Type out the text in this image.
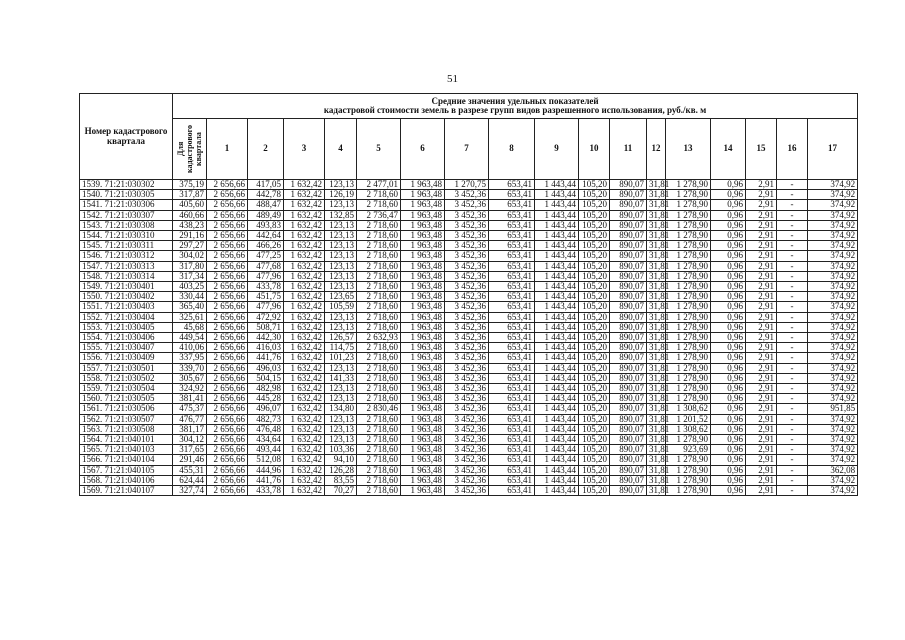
51
Номер кадастрового квартала	Средние значения удельных показателей
кадастровой стоимости земель в разрезе групп видов разрешенного использования, руб./кв. м																	

	Для кадастрового квартала	1	2	3	4	5	6	7	8	9	10	11	12	13	14	15	16	17
1539. 71:21:030302	375,19	2 656,66	417,05	1 632,42	123,13	2 477,01	1 963,48	1 270,75	653,41	1 443,44	105,20	890,07	31,81	1 278,90	0,96	2,91	-	374,92
1540. 71:21:030305	317,87	2 656,66	442,78	1 632,42	126,19	2 718,60	1 963,48	3 452,36	653,41	1 443,44	105,20	890,07	31,81	1 278,90	0,96	2,91	-	374,92
1541. 71:21:030306	405,60	2 656,66	488,47	1 632,42	123,13	2 718,60	1 963,48	3 452,36	653,41	1 443,44	105,20	890,07	31,81	1 278,90	0,96	2,91	-	374,92
1542. 71:21:030307	460,66	2 656,66	489,49	1 632,42	132,85	2 736,47	1 963,48	3 452,36	653,41	1 443,44	105,20	890,07	31,81	1 278,90	0,96	2,91	-	374,92
1543. 71:21:030308	438,23	2 656,66	493,83	1 632,42	123,13	2 718,60	1 963,48	3 452,36	653,41	1 443,44	105,20	890,07	31,81	1 278,90	0,96	2,91	-	374,92
1544. 71:21:030310	291,16	2 656,66	442,64	1 632,42	123,13	2 718,60	1 963,48	3 452,36	653,41	1 443,44	105,20	890,07	31,81	1 278,90	0,96	2,91	-	374,92
1545. 71:21:030311	297,27	2 656,66	466,26	1 632,42	123,13	2 718,60	1 963,48	3 452,36	653,41	1 443,44	105,20	890,07	31,81	1 278,90	0,96	2,91	-	374,92
1546. 71:21:030312	304,02	2 656,66	477,25	1 632,42	123,13	2 718,60	1 963,48	3 452,36	653,41	1 443,44	105,20	890,07	31,81	1 278,90	0,96	2,91	-	374,92
1547. 71:21:030313	317,80	2 656,66	477,68	1 632,42	123,13	2 718,60	1 963,48	3 452,36	653,41	1 443,44	105,20	890,07	31,81	1 278,90	0,96	2,91	-	374,92
1548. 71:21:030314	317,34	2 656,66	477,96	1 632,42	123,13	2 718,60	1 963,48	3 452,36	653,41	1 443,44	105,20	890,07	31,81	1 278,90	0,96	2,91	-	374,92
1549. 71:21:030401	403,25	2 656,66	433,78	1 632,42	123,13	2 718,60	1 963,48	3 452,36	653,41	1 443,44	105,20	890,07	31,81	1 278,90	0,96	2,91	-	374,92
1550. 71:21:030402	330,44	2 656,66	451,75	1 632,42	123,65	2 718,60	1 963,48	3 452,36	653,41	1 443,44	105,20	890,07	31,81	1 278,90	0,96	2,91	-	374,92
1551. 71:21:030403	365,40	2 656,66	477,96	1 632,42	105,59	2 718,60	1 963,48	3 452,36	653,41	1 443,44	105,20	890,07	31,81	1 278,90	0,96	2,91	-	374,92
1552. 71:21:030404	325,61	2 656,66	472,92	1 632,42	123,13	2 718,60	1 963,48	3 452,36	653,41	1 443,44	105,20	890,07	31,81	1 278,90	0,96	2,91	-	374,92
1553. 71:21:030405	45,68	2 656,66	508,71	1 632,42	123,13	2 718,60	1 963,48	3 452,36	653,41	1 443,44	105,20	890,07	31,81	1 278,90	0,96	2,91	-	374,92
1554. 71:21:030406	449,54	2 656,66	442,30	1 632,42	126,57	2 632,93	1 963,48	3 452,36	653,41	1 443,44	105,20	890,07	31,81	1 278,90	0,96	2,91	-	374,92
1555. 71:21:030407	410,06	2 656,66	416,03	1 632,42	114,75	2 718,60	1 963,48	3 452,36	653,41	1 443,44	105,20	890,07	31,81	1 278,90	0,96	2,91	-	374,92
1556. 71:21:030409	337,95	2 656,66	441,76	1 632,42	101,23	2 718,60	1 963,48	3 452,36	653,41	1 443,44	105,20	890,07	31,81	1 278,90	0,96	2,91	-	374,92
1557. 71:21:030501	339,70	2 656,66	496,03	1 632,42	123,13	2 718,60	1 963,48	3 452,36	653,41	1 443,44	105,20	890,07	31,81	1 278,90	0,96	2,91	-	374,92
1558. 71:21:030502	305,67	2 656,66	504,15	1 632,42	141,33	2 718,60	1 963,48	3 452,36	653,41	1 443,44	105,20	890,07	31,81	1 278,90	0,96	2,91	-	374,92
1559. 71:21:030504	324,92	2 656,66	482,98	1 632,42	123,13	2 718,60	1 963,48	3 452,36	653,41	1 443,44	105,20	890,07	31,81	1 278,90	0,96	2,91	-	374,92
1560. 71:21:030505	381,41	2 656,66	445,28	1 632,42	123,13	2 718,60	1 963,48	3 452,36	653,41	1 443,44	105,20	890,07	31,81	1 278,90	0,96	2,91	-	374,92
1561. 71:21:030506	475,37	2 656,66	496,07	1 632,42	134,80	2 830,46	1 963,48	3 452,36	653,41	1 443,44	105,20	890,07	31,81	1 308,62	0,96	2,91	-	951,85
1562. 71:21:030507	476,77	2 656,66	482,73	1 632,42	123,13	2 718,60	1 963,48	3 452,36	653,41	1 443,44	105,20	890,07	31,81	1 201,52	0,96	2,91	-	374,92
1563. 71:21:030508	381,17	2 656,66	476,48	1 632,42	123,13	2 718,60	1 963,48	3 452,36	653,41	1 443,44	105,20	890,07	31,81	1 308,62	0,96	2,91	-	374,92
1564. 71:21:040101	304,12	2 656,66	434,64	1 632,42	123,13	2 718,60	1 963,48	3 452,36	653,41	1 443,44	105,20	890,07	31,81	1 278,90	0,96	2,91	-	374,92
1565. 71:21:040103	317,65	2 656,66	493,44	1 632,42	103,36	2 718,60	1 963,48	3 452,36	653,41	1 443,44	105,20	890,07	31,81	923,69	0,96	2,91	-	374,92
1566. 71:21:040104	291,46	2 656,66	512,08	1 632,42	94,10	2 718,60	1 963,48	3 452,36	653,41	1 443,44	105,20	890,07	31,81	1 278,90	0,96	2,91	-	374,92
1567. 71:21:040105	455,31	2 656,66	444,96	1 632,42	126,28	2 718,60	1 963,48	3 452,36	653,41	1 443,44	105,20	890,07	31,81	1 278,90	0,96	2,91	-	362,08
1568. 71:21:040106	624,44	2 656,66	441,76	1 632,42	83,55	2 718,60	1 963,48	3 452,36	653,41	1 443,44	105,20	890,07	31,81	1 278,90	0,96	2,91	-	374,92
1569. 71:21:040107	327,74	2 656,66	433,78	1 632,42	70,27	2 718,60	1 963,48	3 452,36	653,41	1 443,44	105,20	890,07	31,81	1 278,90	0,96	2,91	-	374,92
